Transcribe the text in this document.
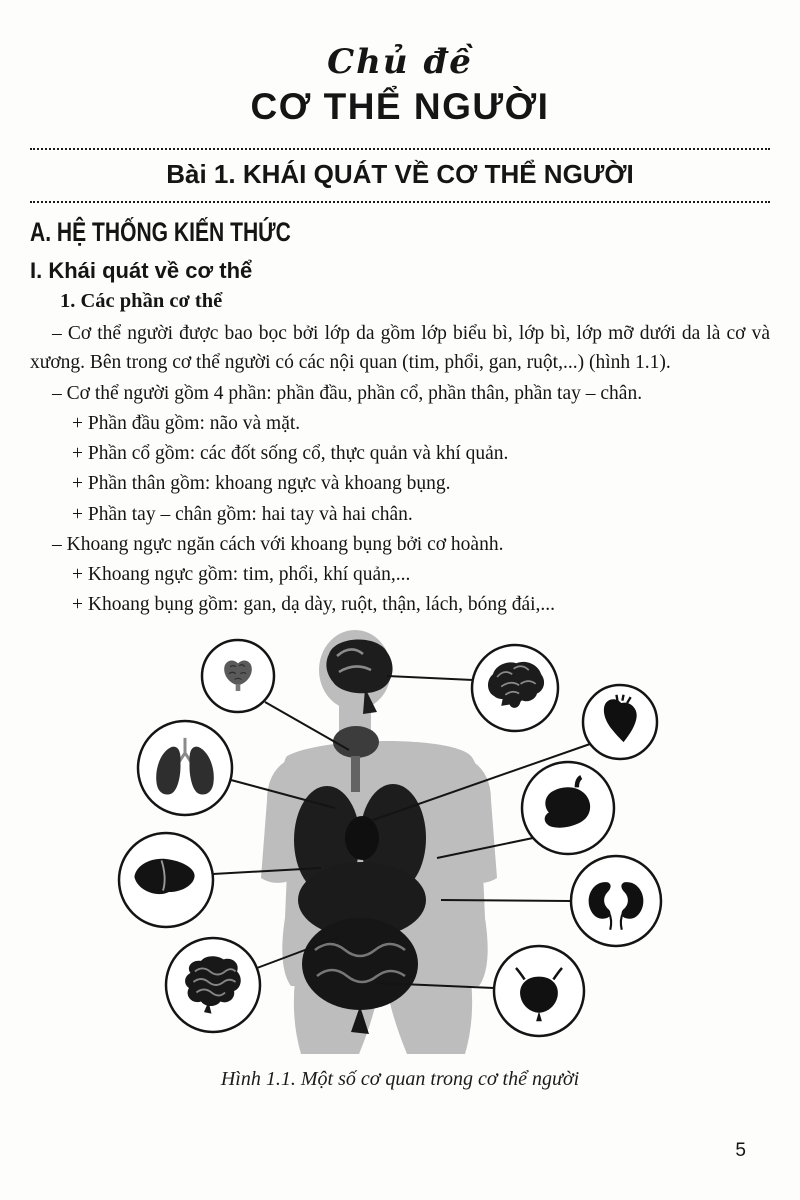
Chủ đề
CƠ THỂ NGƯỜI
Bài 1. KHÁI QUÁT VỀ CƠ THỂ NGƯỜI
A. HỆ THỐNG KIẾN THỨC
I. Khái quát về cơ thể
1. Các phần cơ thể

– Cơ thể người được bao bọc bởi lớp da gồm lớp biểu bì, lớp bì, lớp mỡ dưới da là cơ và xương. Bên trong cơ thể người có các nội quan (tim, phổi, gan, ruột,...) (hình 1.1).

– Cơ thể người gồm 4 phần: phần đầu, phần cổ, phần thân, phần tay – chân.

+ Phần đầu gồm: não và mặt.

+ Phần cổ gồm: các đốt sống cổ, thực quản và khí quản.

+ Phần thân gồm: khoang ngực và khoang bụng.

+ Phần tay – chân gồm: hai tay và hai chân.

– Khoang ngực ngăn cách với khoang bụng bởi cơ hoành.

+ Khoang ngực gồm: tim, phổi, khí quản,...

+ Khoang bụng gồm: gan, dạ dày, ruột, thận, lách, bóng đái,...

Hình 1.1. Một số cơ quan trong cơ thể người
5
